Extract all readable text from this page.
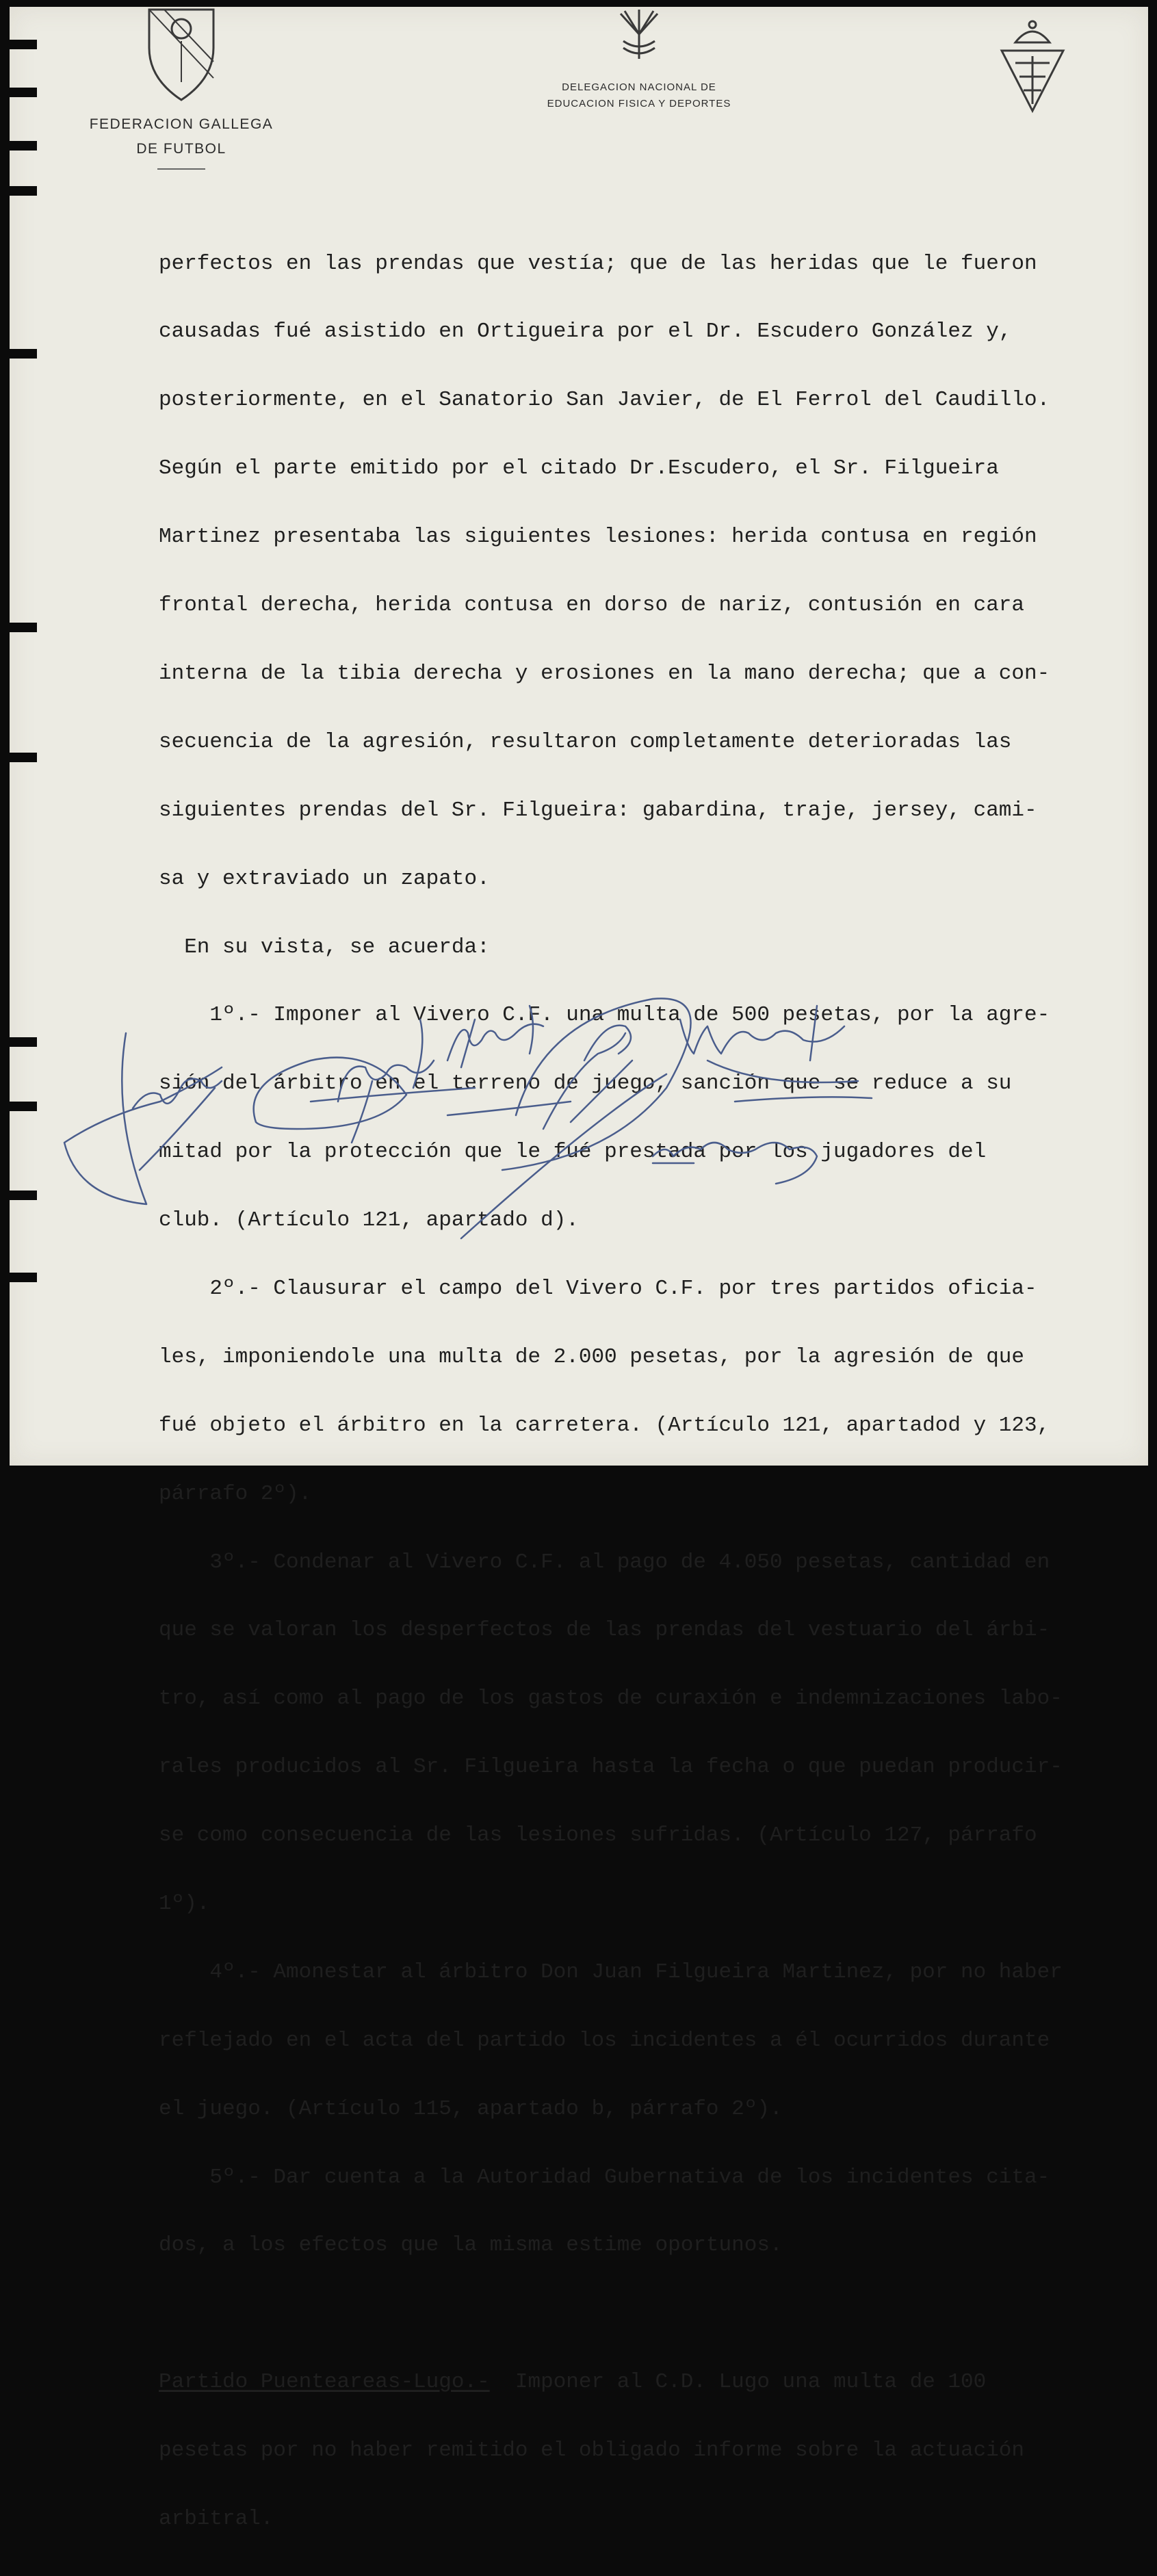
FEDERACION GALLEGA
DE FUTBOL
DELEGACION NACIONAL DE
EDUCACION FISICA Y DEPORTES

perfectos en las prendas que vestía; que de las heridas que le fueron

causadas fué asistido en Ortigueira por el Dr. Escudero González y,

posteriormente, en el Sanatorio San Javier, de El Ferrol del Caudillo.

Según el parte emitido por el citado Dr.Escudero, el Sr. Filgueira

Martinez presentaba las siguientes lesiones: herida contusa en región

frontal derecha, herida contusa en dorso de nariz, contusión en cara

interna de la tibia derecha y erosiones en la mano derecha; que a con-

secuencia de la agresión, resultaron completamente deterioradas las

siguientes prendas del Sr. Filgueira: gabardina, traje, jersey, cami-

sa y extraviado un zapato.

En su vista, se acuerda:

1º.- Imponer al Vivero C.F. una multa de 500 pesetas, por la agre-

sión del árbitro en el terreno de juego, sanción que se reduce a su

mitad por la protección que le fué prestada por los jugadores del

club. (Artículo 121, apartado d).

2º.- Clausurar el campo del Vivero C.F. por tres partidos oficia-

les, imponiendole una multa de 2.000 pesetas, por la agresión de que

fué objeto el árbitro en la carretera. (Artículo 121, apartadod y 123,

párrafo 2º).

3º.- Condenar al Vivero C.F. al pago de 4.050 pesetas, cantidad en

que se valoran los desperfectos de las prendas del vestuario del árbi-

tro, así como al pago de los gastos de curaxión e indemnizaciones labo-

rales producidos al Sr. Filgueira hasta la fecha o que puedan producir-

se como consecuencia de las lesiones sufridas. (Artículo 127, párrafo

1º).

4º.- Amonestar al árbitro Don Juan Filgueira Martinez, por no haber

reflejado en el acta del partido los incidentes a él ocurridos durante

el juego. (Artículo 115, apartado b, párrafo 2º).

5º.- Dar cuenta a la Autoridad Gubernativa de los incidentes cita-

dos, a los efectos que la misma estime oportunos.

Partido Puenteareas-Lugo.-  Imponer al C.D. Lugo una multa de 100

pesetas por no haber remitido el obligado informe sobre la actuación

arbitral.
